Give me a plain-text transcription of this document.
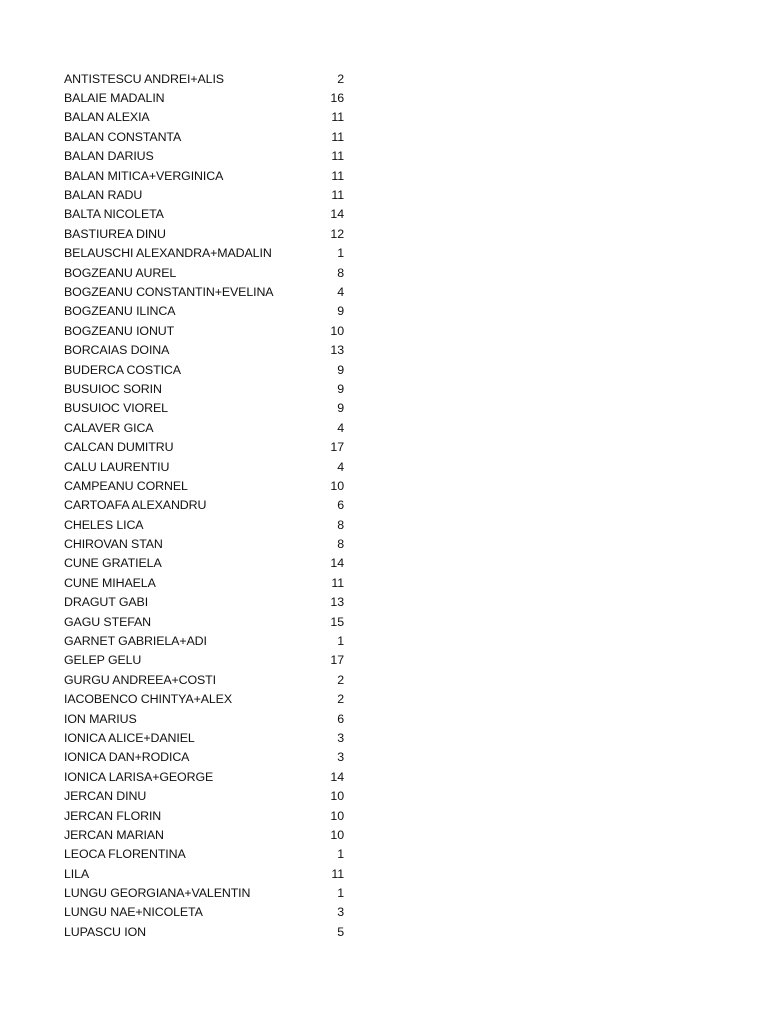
ANTISTESCU ANDREI+ALIS	2
BALAIE MADALIN	16
BALAN ALEXIA	11
BALAN CONSTANTA	11
BALAN DARIUS	11
BALAN MITICA+VERGINICA	11
BALAN RADU	11
BALTA NICOLETA	14
BASTIUREA DINU	12
BELAUSCHI ALEXANDRA+MADALIN	1
BOGZEANU AUREL	8
BOGZEANU CONSTANTIN+EVELINA	4
BOGZEANU ILINCA	9
BOGZEANU IONUT	10
BORCAIAS DOINA	13
BUDERCA COSTICA	9
BUSUIOC SORIN	9
BUSUIOC VIOREL	9
CALAVER GICA	4
CALCAN DUMITRU	17
CALU LAURENTIU	4
CAMPEANU CORNEL	10
CARTOAFA ALEXANDRU	6
CHELES LICA	8
CHIROVAN STAN	8
CUNE GRATIELA	14
CUNE MIHAELA	11
DRAGUT GABI	13
GAGU STEFAN	15
GARNET GABRIELA+ADI	1
GELEP GELU	17
GURGU ANDREEA+COSTI	2
IACOBENCO CHINTYA+ALEX	2
ION MARIUS	6
IONICA ALICE+DANIEL	3
IONICA DAN+RODICA	3
IONICA LARISA+GEORGE	14
JERCAN DINU	10
JERCAN FLORIN	10
JERCAN MARIAN	10
LEOCA FLORENTINA	1
LILA	11
LUNGU GEORGIANA+VALENTIN	1
LUNGU NAE+NICOLETA	3
LUPASCU ION	5
